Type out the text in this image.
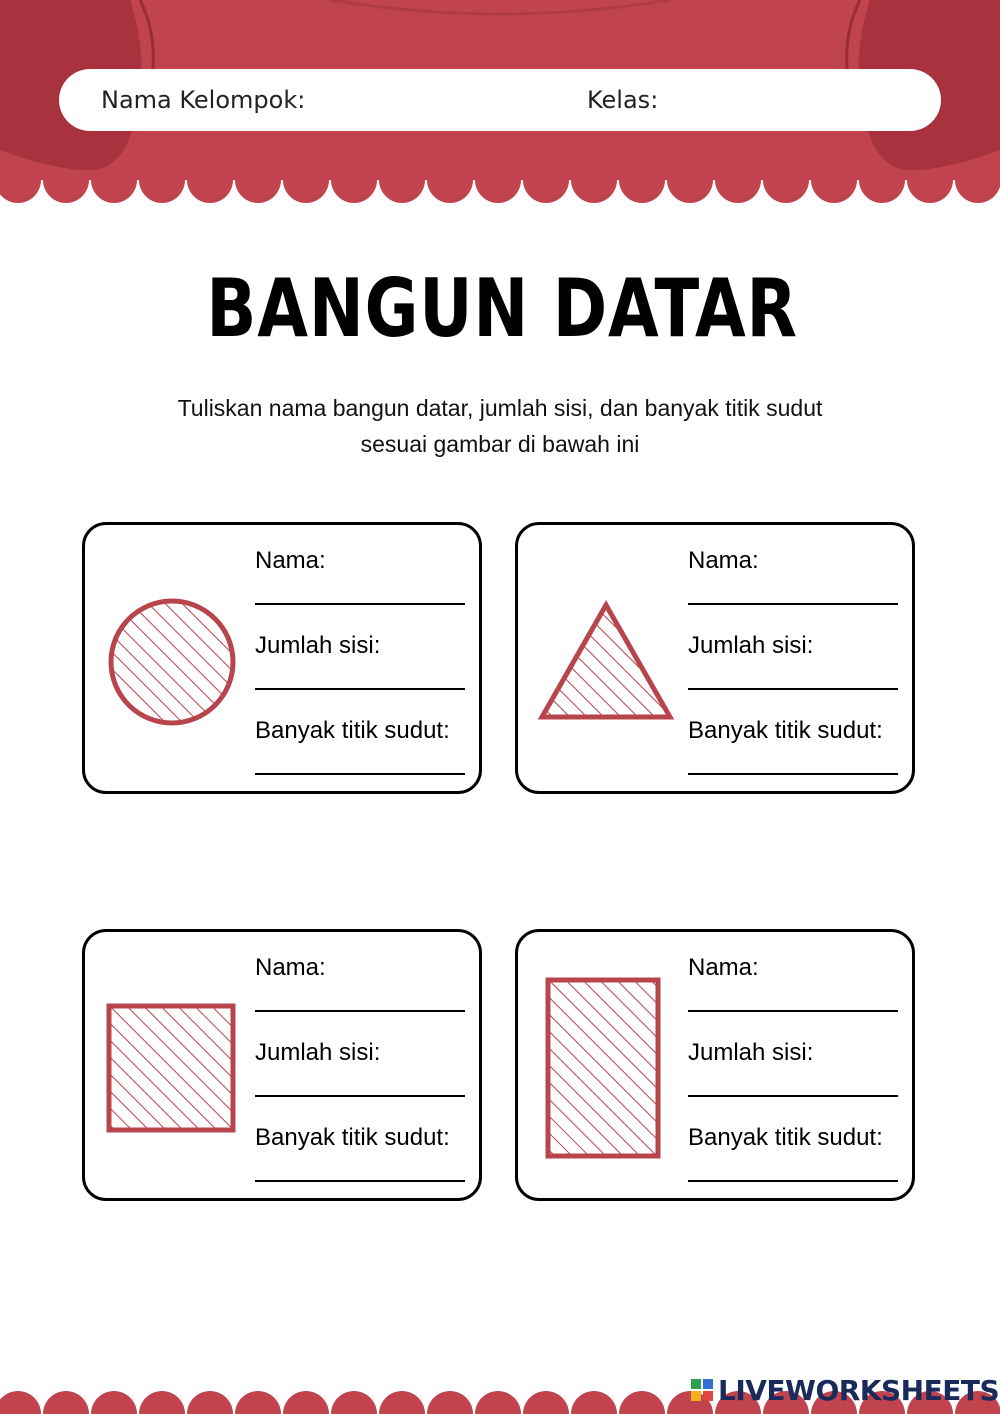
Nama Kelompok:	Kelas:
BANGUN DATAR
Tuliskan nama bangun datar, jumlah sisi, dan banyak titik sudut
sesuai gambar di bawah ini
Nama:
Jumlah sisi:
Banyak titik sudut:
Nama:
Jumlah sisi:
Banyak titik sudut:
Nama:
Jumlah sisi:
Banyak titik sudut:
Nama:
Jumlah sisi:
Banyak titik sudut:
LIVEWORKSHEETS
